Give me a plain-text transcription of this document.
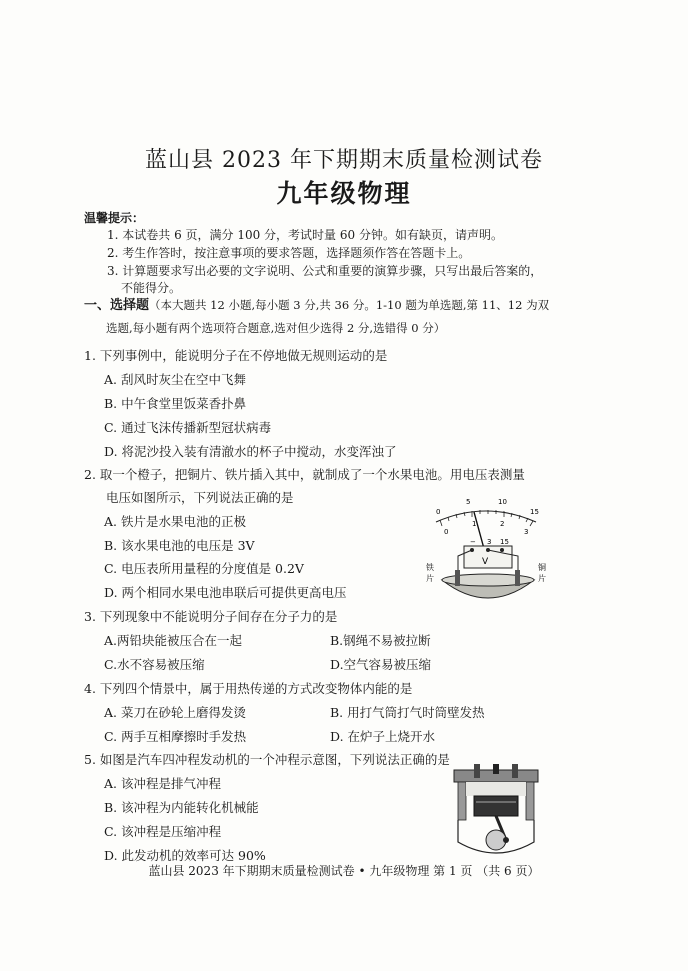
蓝山县 2023 年下期期末质量检测试卷
九年级物理
温馨提示：
1. 本试卷共 6 页，满分 100 分，考试时量 60 分钟。如有缺页，请声明。
2. 考生作答时，按注意事项的要求答题，选择题须作答在答题卡上。
3. 计算题要求写出必要的文字说明、公式和重要的演算步骤，只写出最后答案的，
不能得分。
一、选择题（本大题共 12 小题,每小题 3 分,共 36 分。1-10 题为单选题,第 11、12 为双
选题,每小题有两个选项符合题意,选对但少选得 2 分,选错得 0 分）
1. 下列事例中，能说明分子在不停地做无规则运动的是
A. 刮风时灰尘在空中飞舞
B. 中午食堂里饭菜香扑鼻
C. 通过飞沫传播新型冠状病毒
D. 将泥沙投入装有清澈水的杯子中搅动，水变浑浊了
2. 取一个橙子，把铜片、铁片插入其中，就制成了一个水果电池。用电压表测量
电压如图所示，下列说法正确的是
A. 铁片是水果电池的正极
B. 该水果电池的电压是 3V
C. 电压表所用量程的分度值是 0.2V
D. 两个相同水果电池串联后可提供更高电压
0
5	10
15
0
1	2
3
− 3 15
V
铁
片
铜
片
3. 下列现象中不能说明分子间存在分子力的是
A.两铅块能被压合在一起	B.钢绳不易被拉断
C.水不容易被压缩	D.空气容易被压缩
4. 下列四个情景中，属于用热传递的方式改变物体内能的是
A. 菜刀在砂轮上磨得发烫	B. 用打气筒打气时筒壁发热
C. 两手互相摩擦时手发热	D. 在炉子上烧开水
5. 如图是汽车四冲程发动机的一个冲程示意图，下列说法正确的是
A. 该冲程是排气冲程
B. 该冲程为内能转化机械能
C. 该冲程是压缩冲程
D. 此发动机的效率可达 90%
蓝山县 2023 年下期期末质量检测试卷 • 九年级物理 第 1 页 （共 6 页）
